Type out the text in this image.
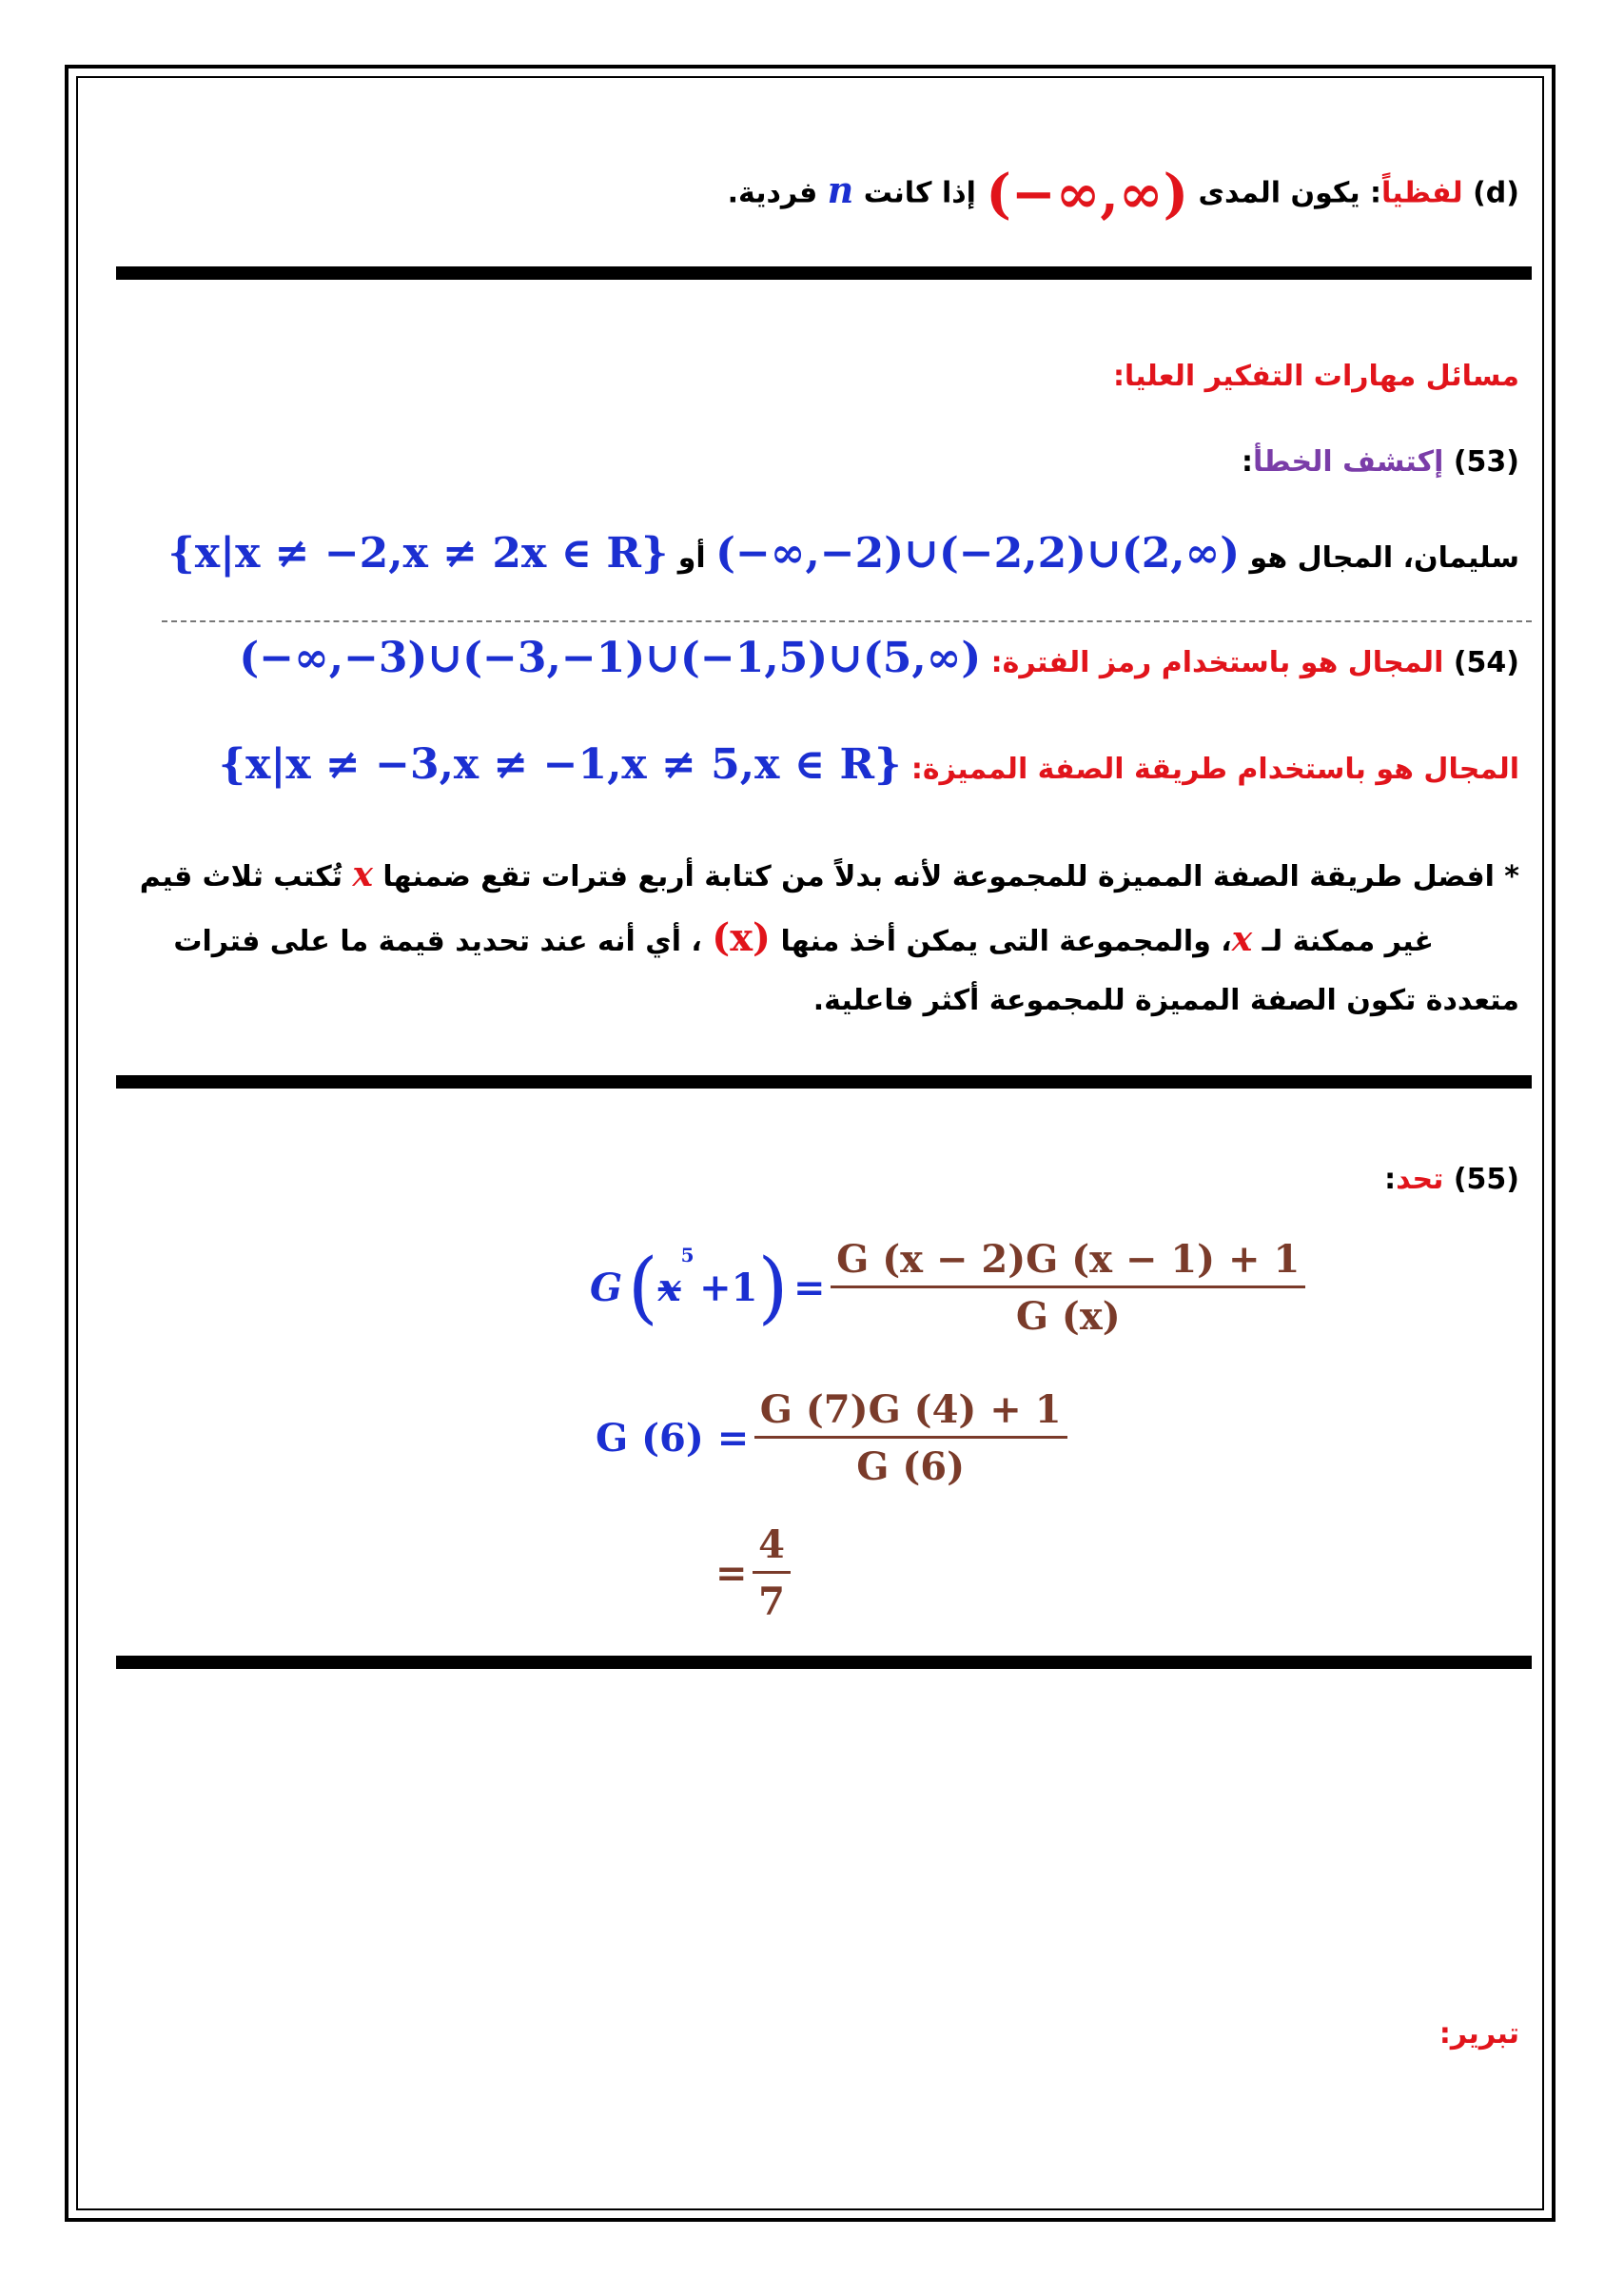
(d) لفظياً: يكون المدى (−∞,∞) إذا كانت n فردية.
مسائل مهارات التفكير العليا:
(53) إكتشف الخطأ:
سليمان، المجال هو (−∞,−2)∪(−2,2)∪(2,∞) أو {x|x ≠ −2,x ≠ 2x ∈ R}
(54) المجال هو باستخدام رمز الفترة: (−∞,−3)∪(−3,−1)∪(−1,5)∪(5,∞)
المجال هو باستخدام طريقة الصفة المميزة: {x|x ≠ −3,x ≠ −1,x ≠ 5,x ∈ R}
* افضل طريقة الصفة المميزة للمجموعة لأنه بدلاً من كتابة أربع فترات تقع ضمنها x تُكتب ثلاث قيم
غير ممكنة لـ x، والمجموعة التى يمكن أخذ منها (x) ، أي أنه عند تحديد قيمة ما على فترات
متعددة تكون الصفة المميزة للمجموعة أكثر فاعلية.
(55) تحد:
G $(x^5 +1) = \frac{G (x - 2)G (x - 1) + 1}{G (x)}$
G $(6) = \frac{G (7)G (4) + 1}{G (6)}$
= $\frac{4}{7}$
تبرير:
